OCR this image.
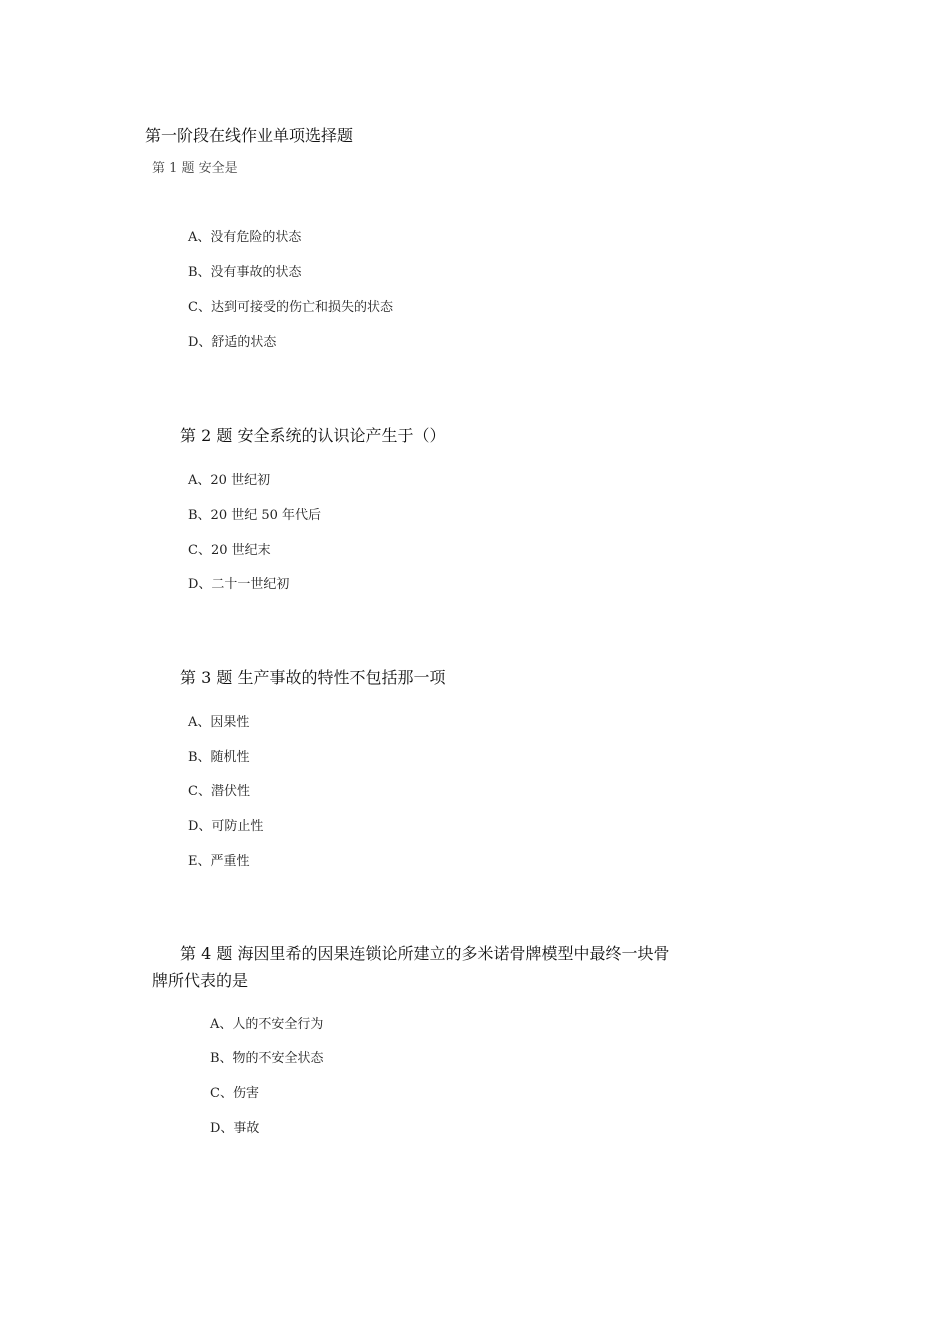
第一阶段在线作业单项选择题
第 1 题 安全是
A、没有危险的状态
B、没有事故的状态
C、达到可接受的伤亡和损失的状态
D、舒适的状态
第 2 题 安全系统的认识论产生于（）
A、20 世纪初
B、20 世纪 50 年代后
C、20 世纪末
D、二十一世纪初
第 3 题 生产事故的特性不包括那一项
A、因果性
B、随机性
C、潜伏性
D、可防止性
E、严重性
第 4 题 海因里希的因果连锁论所建立的多米诺骨牌模型中最终一块骨
牌所代表的是
A、人的不安全行为
B、物的不安全状态
C、伤害
D、事故
